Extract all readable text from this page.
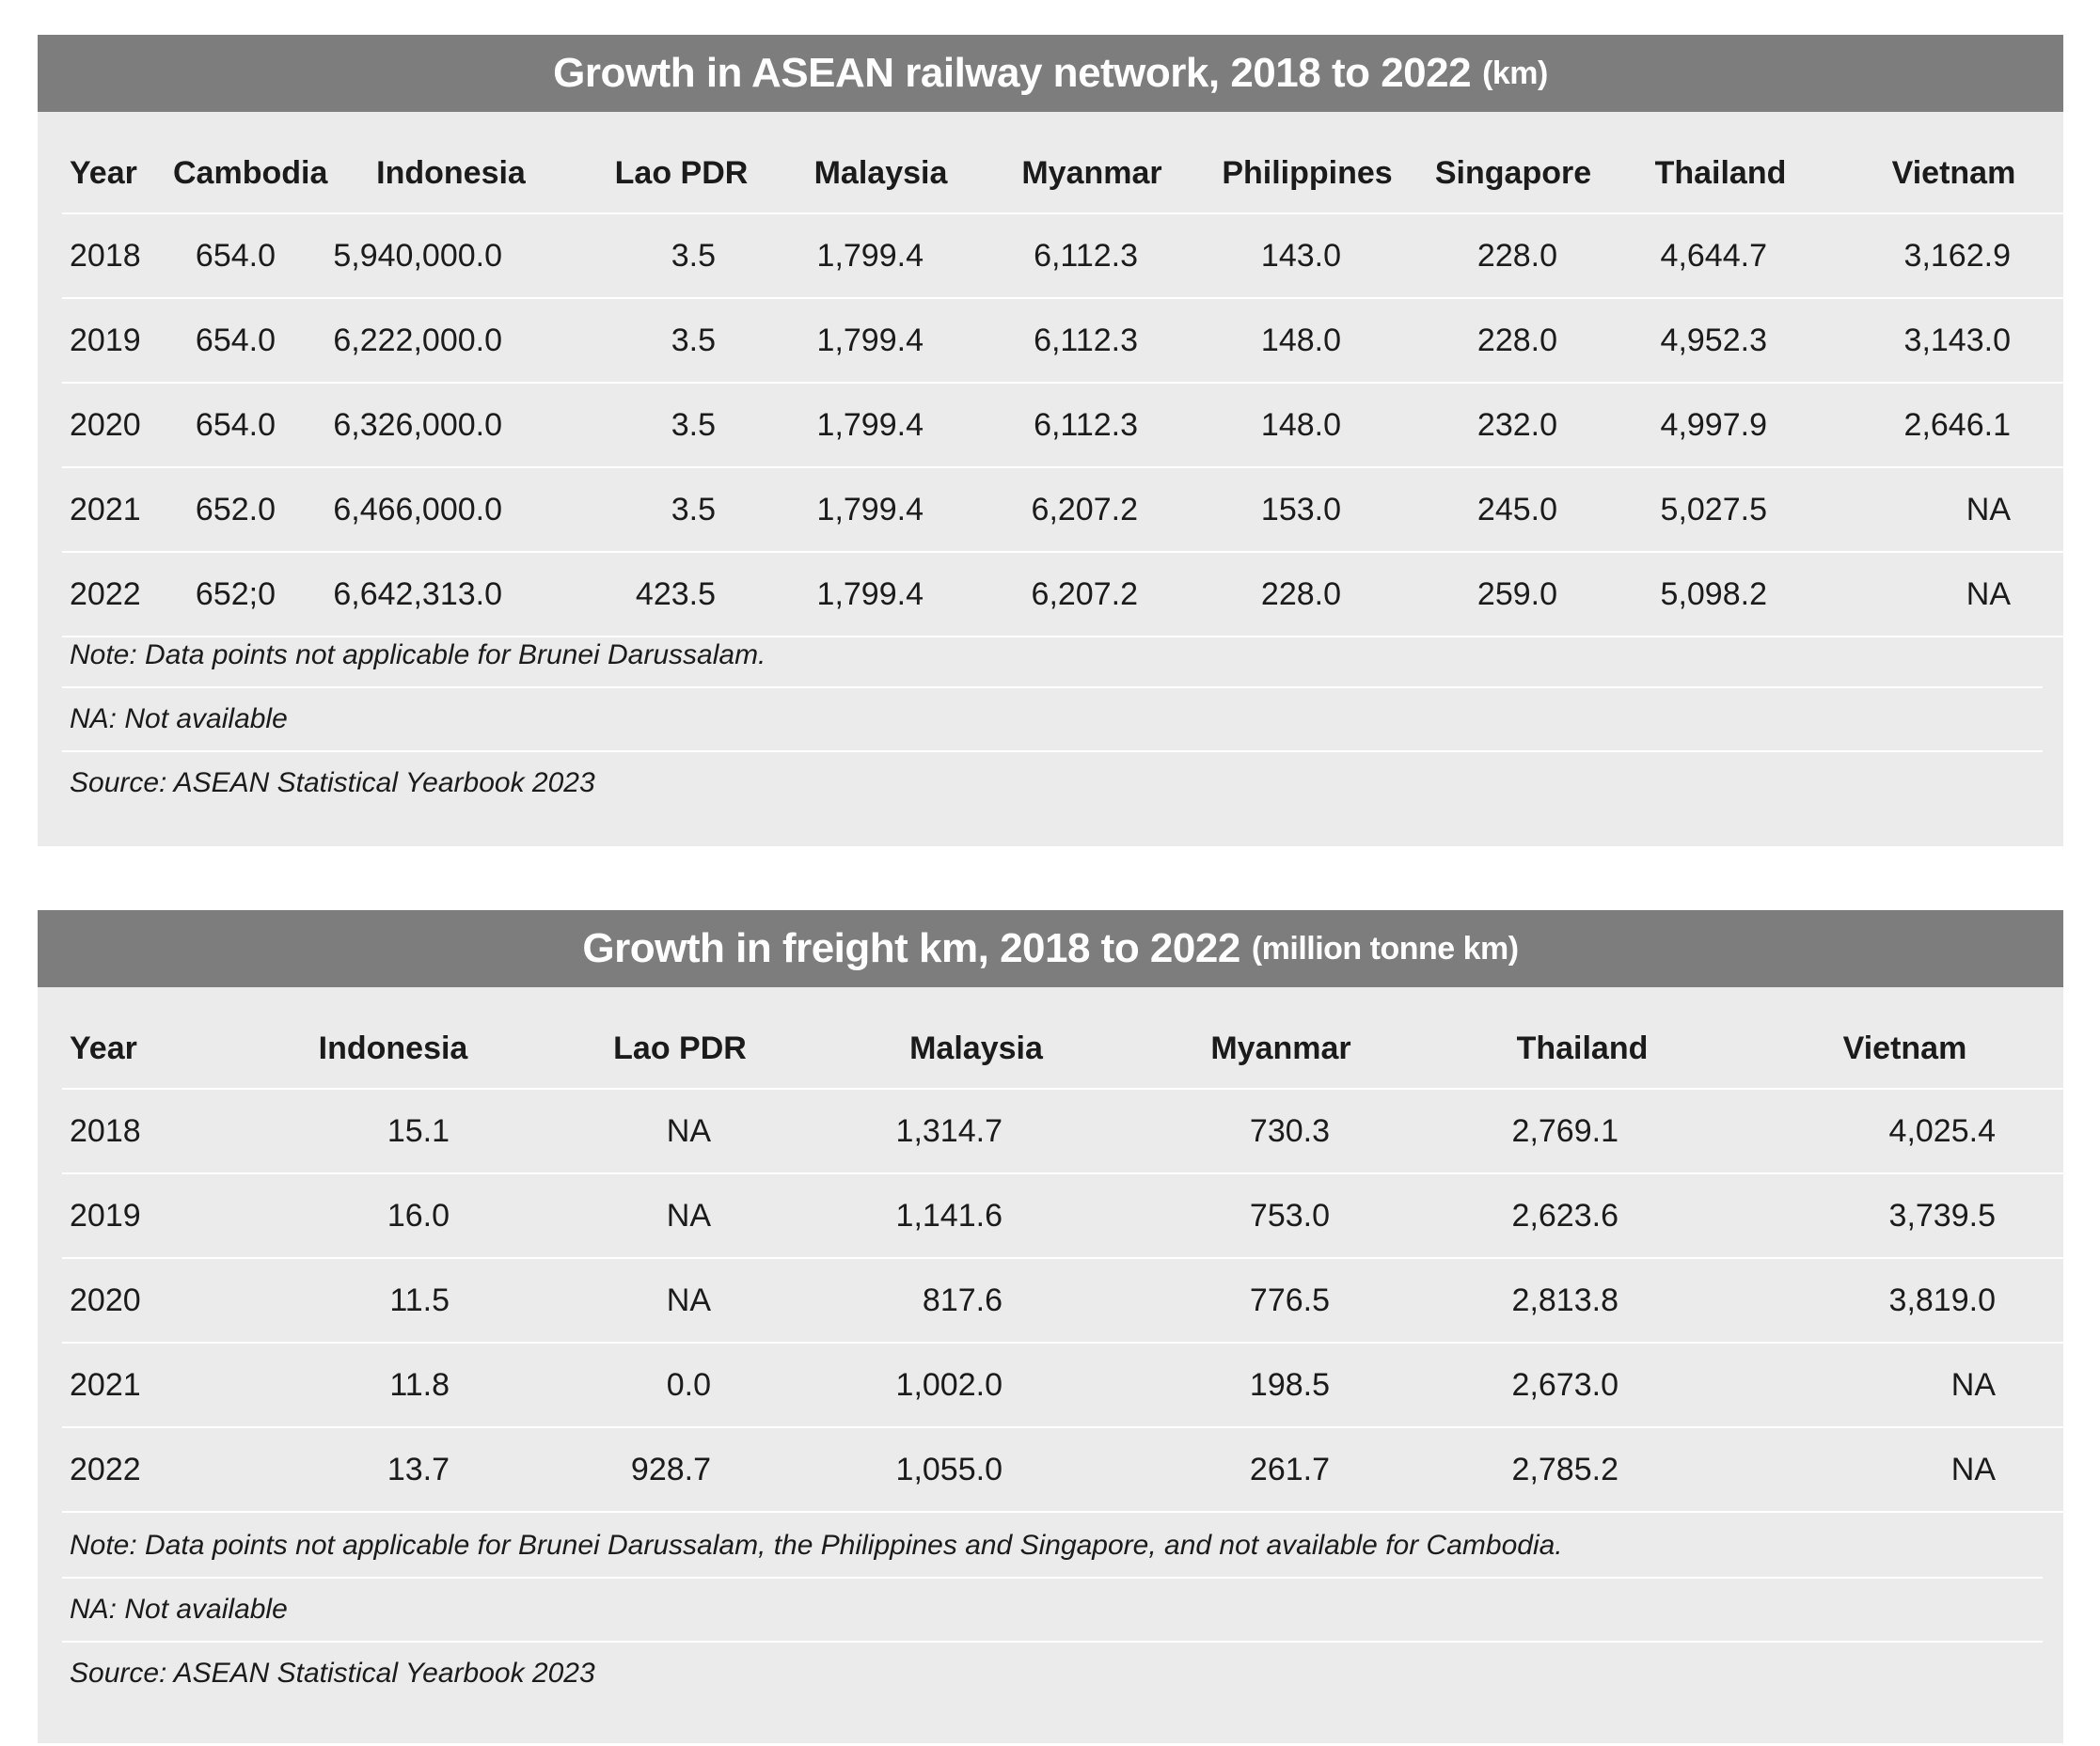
Growth in ASEAN railway network, 2018 to 2022 (km)
Year	Cambodia	Indonesia	Lao PDR	Malaysia	Myanmar	Philippines	Singapore	Thailand	Vietnam
2018	654.0	5,940,000.0	3.5	1,799.4	6,112.3	143.0	228.0	4,644.7	3,162.9
2019	654.0	6,222,000.0	3.5	1,799.4	6,112.3	148.0	228.0	4,952.3	3,143.0
2020	654.0	6,326,000.0	3.5	1,799.4	6,112.3	148.0	232.0	4,997.9	2,646.1
2021	652.0	6,466,000.0	3.5	1,799.4	6,207.2	153.0	245.0	5,027.5	NA
2022	652;0	6,642,313.0	423.5	1,799.4	6,207.2	228.0	259.0	5,098.2	NA
Note: Data points not applicable for Brunei Darussalam.
NA: Not available
Source: ASEAN Statistical Yearbook 2023
Growth in freight km, 2018 to 2022 (million tonne km)
Year	Indonesia	Lao PDR	Malaysia	Myanmar	Thailand	Vietnam
2018	15.1	NA	1,314.7	730.3	2,769.1	4,025.4
2019	16.0	NA	1,141.6	753.0	2,623.6	3,739.5
2020	11.5	NA	817.6	776.5	2,813.8	3,819.0
2021	11.8	0.0	1,002.0	198.5	2,673.0	NA
2022	13.7	928.7	1,055.0	261.7	2,785.2	NA
Note: Data points not applicable for Brunei Darussalam, the Philippines and Singapore, and not available for Cambodia.
NA: Not available
Source: ASEAN Statistical Yearbook 2023
